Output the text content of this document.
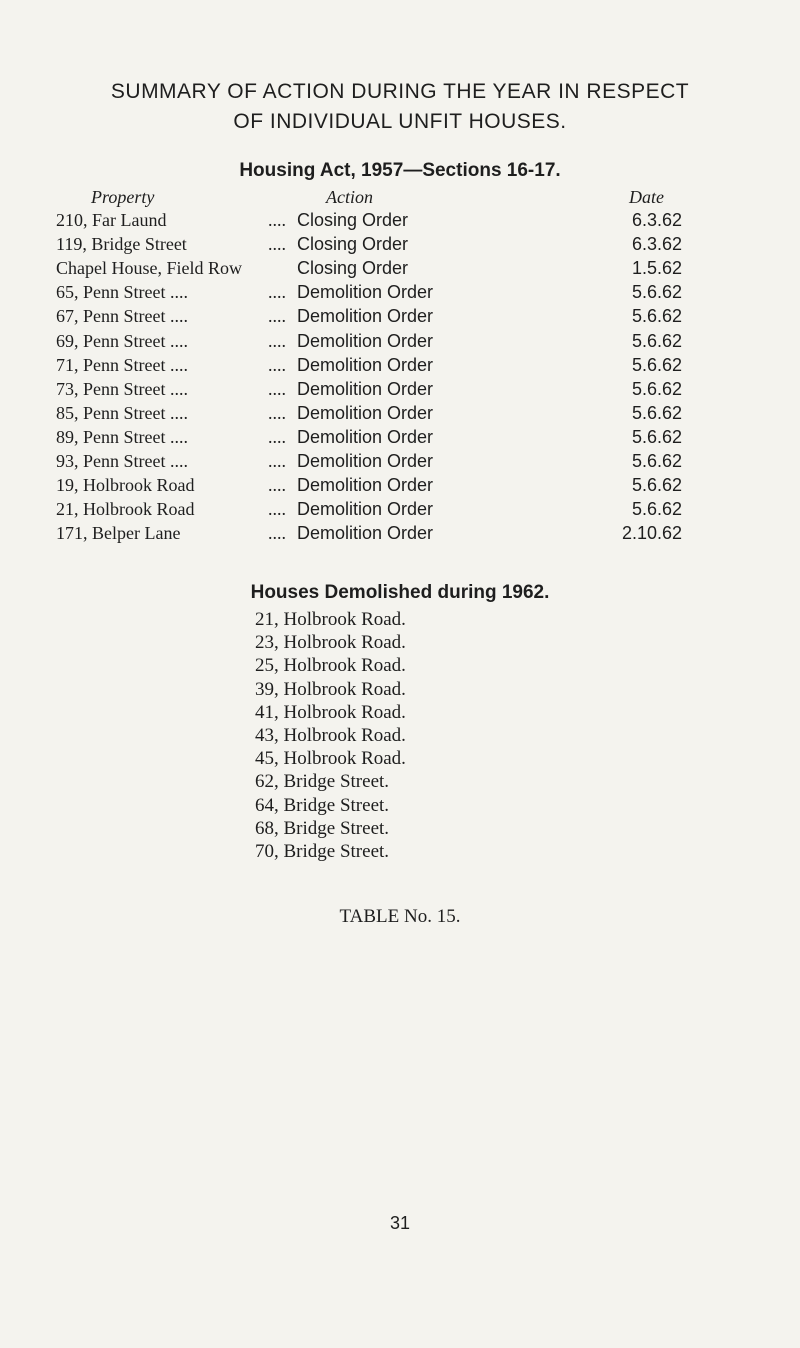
SUMMARY OF ACTION DURING THE YEAR IN RESPECT
OF INDIVIDUAL UNFIT HOUSES.
Housing Act, 1957—Sections 16-17.
Property	Action	Date
210, Far Laund	.... Closing Order	6.3.62
119, Bridge Street	.... Closing Order	6.3.62
Chapel House, Field Row	Closing Order	1.5.62
65, Penn Street ....	.... Demolition Order	5.6.62
67, Penn Street ....	.... Demolition Order	5.6.62
69, Penn Street ....	.... Demolition Order	5.6.62
71, Penn Street ....	.... Demolition Order	5.6.62
73, Penn Street ....	.... Demolition Order	5.6.62
85, Penn Street ....	.... Demolition Order	5.6.62
89, Penn Street ....	.... Demolition Order	5.6.62
93, Penn Street ....	.... Demolition Order	5.6.62
19, Holbrook Road	.... Demolition Order	5.6.62
21, Holbrook Road	.... Demolition Order	5.6.62
171, Belper Lane	.... Demolition Order	2.10.62
Houses Demolished during 1962.
21, Holbrook Road.
23, Holbrook Road.
25, Holbrook Road.
39, Holbrook Road.
41, Holbrook Road.
43, Holbrook Road.
45, Holbrook Road.
62, Bridge Street.
64, Bridge Street.
68, Bridge Street.
70, Bridge Street.
TABLE No. 15.
31
